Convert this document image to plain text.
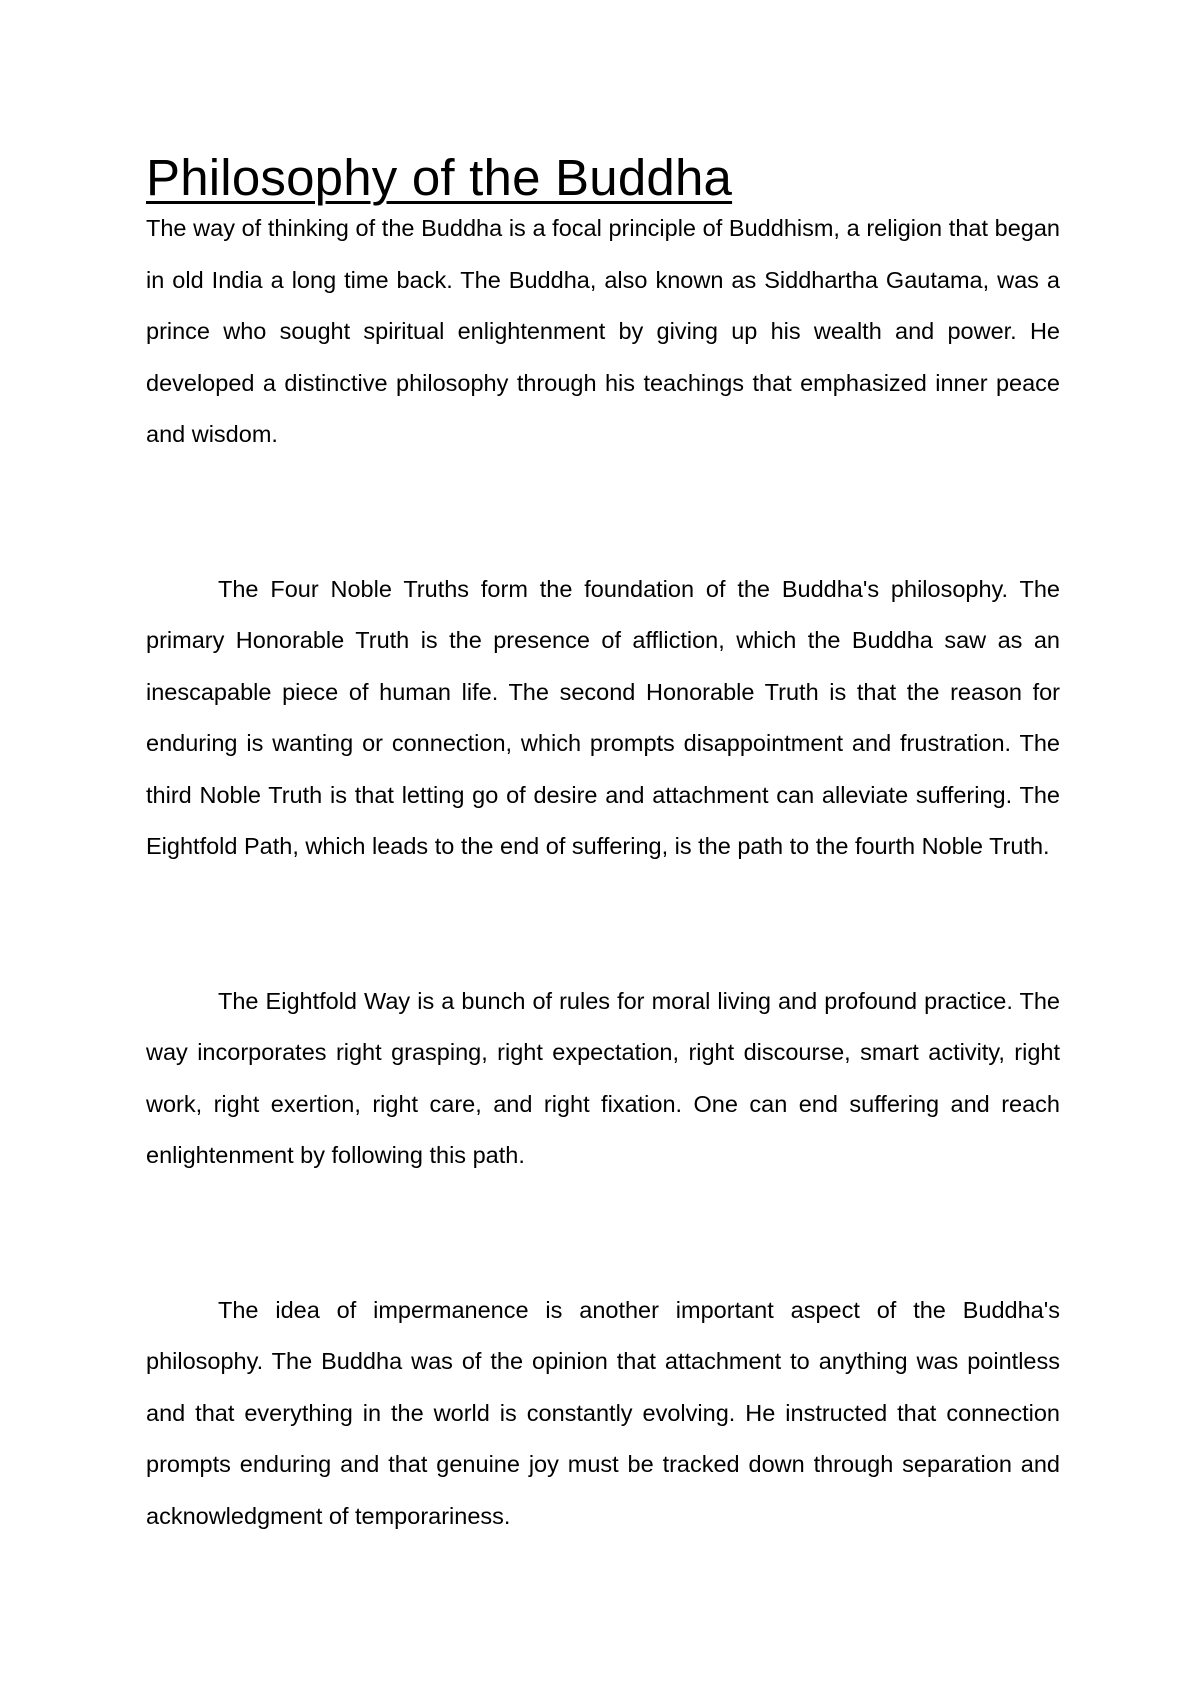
Philosophy of the Buddha

The way of thinking of the Buddha is a focal principle of Buddhism, a religion that began in old India a long time back. The Buddha, also known as Siddhartha Gautama, was a prince who sought spiritual enlightenment by giving up his wealth and power. He developed a distinctive philosophy through his teachings that emphasized inner peace and wisdom.

The Four Noble Truths form the foundation of the Buddha's philosophy. The primary Honorable Truth is the presence of affliction, which the Buddha saw as an inescapable piece of human life. The second Honorable Truth is that the reason for enduring is wanting or connection, which prompts disappointment and frustration. The third Noble Truth is that letting go of desire and attachment can alleviate suffering. The Eightfold Path, which leads to the end of suffering, is the path to the fourth Noble Truth.

The Eightfold Way is a bunch of rules for moral living and profound practice. The way incorporates right grasping, right expectation, right discourse, smart activity, right work, right exertion, right care, and right fixation. One can end suffering and reach enlightenment by following this path.

The idea of impermanence is another important aspect of the Buddha's philosophy. The Buddha was of the opinion that attachment to anything was pointless and that everything in the world is constantly evolving. He instructed that connection prompts enduring and that genuine joy must be tracked down through separation and acknowledgment of temporariness.
